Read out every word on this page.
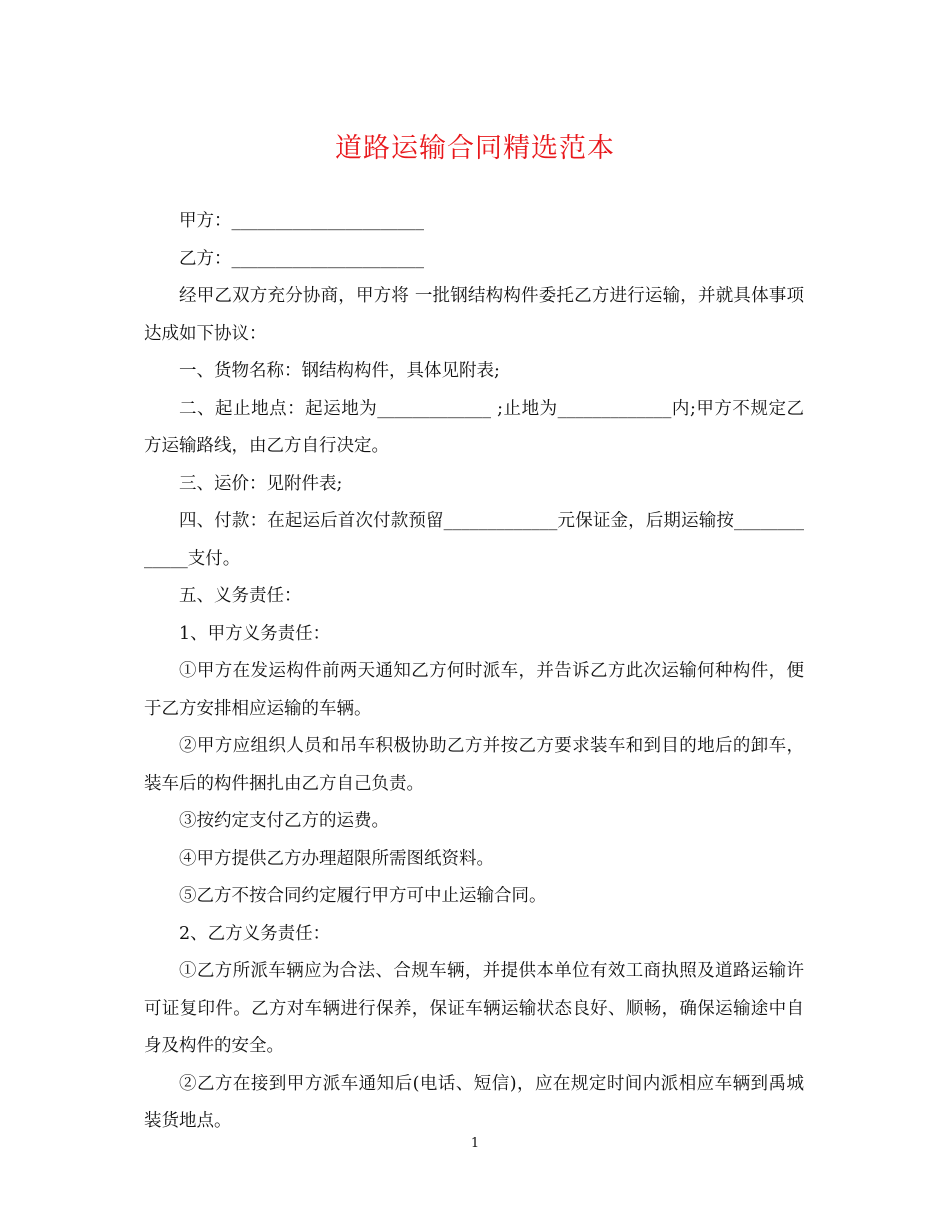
道路运输合同精选范本

甲方：______________________

乙方：______________________

经甲乙双方充分协商，甲方将 一批钢结构构件委托乙方进行运输，并就具体事项达成如下协议：

一、货物名称：钢结构构件，具体见附表;

二、起止地点：起运地为_____________ ;止地为_____________内;甲方不规定乙方运输路线，由乙方自行决定。

三、运价：见附件表;

四、付款：在起运后首次付款预留_____________元保证金，后期运输按_____________支付。

五、义务责任：

1、甲方义务责任：

①甲方在发运构件前两天通知乙方何时派车，并告诉乙方此次运输何种构件，便于乙方安排相应运输的车辆。

②甲方应组织人员和吊车积极协助乙方并按乙方要求装车和到目的地后的卸车，装车后的构件捆扎由乙方自己负责。

③按约定支付乙方的运费。

④甲方提供乙方办理超限所需图纸资料。

⑤乙方不按合同约定履行甲方可中止运输合同。

2、乙方义务责任：

①乙方所派车辆应为合法、合规车辆，并提供本单位有效工商执照及道路运输许可证复印件。乙方对车辆进行保养，保证车辆运输状态良好、顺畅，确保运输途中自身及构件的安全。

②乙方在接到甲方派车通知后(电话、短信)，应在规定时间内派相应车辆到禹城装货地点。

1
